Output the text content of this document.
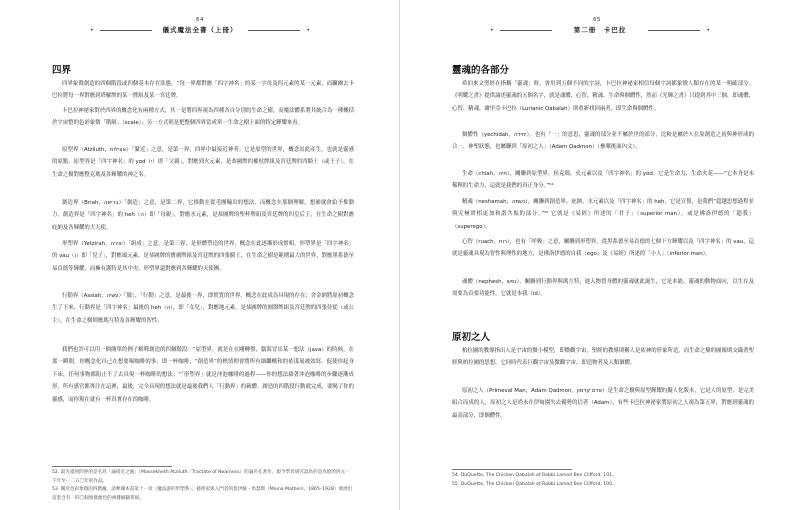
64
•	儀式魔法全書（上冊）	•
四界
四界象徵創造的四個階段或四個基本存在狀態。“每一界都對應「四字神名」的某一字母及四元素的某一元素，而臟爾去卡巴拉將每一界對應到塔羅牌的某一牌組及某一宮廷牌。
卡巴拉神祕家對於四界的概念化有兩種方式，其一是將四界視為四種各自分別的生命之樹，而魔法體系將其統合為一種概括於宇宙整的色彩象徵「階級」（scale）；另一方式則是把整個四界當成單一生命之樹上面的特定輝耀來看。
原型界（Atziluth，אצילות）「緊近」之意，是第一界，四界中最接近神者；它是原型的世界，概念出此產生，也就是靈感的原點。原型界是「四字神名」的 yod（י）即「父親」，對應到火元素，是恭圖牌的權杖牌組及宮廷牌的四騎士（或王子），在生命之樹對應整克瑪及各輝耀的神之名。
創造界（Briah，בריאה）「創造」之意，是第二界，它推動在從毛團輸出的想法，而概念在那個理解，想補就會給予推動力，創造界是「四字神名」的 heh（ה）即「母親」，對應水元素，是恭圖牌的聖杯牌組及宮廷牌的四皇后王，在生命之樹對應庇納及各輝耀的大天使。
形塑界（Yetzirah，יצירה）「組成」之意，是第三界，是形體塑造的世界，概念在此逐漸形成實相，形塑界是「四字神名」的 vau（ו）即「兒子」，對應風元素，是恭圖牌的寶劍牌組及宮廷牌的四張騎王，在生命之樹是範圍最大的世界，對應黑系德至易首德等輝耀，而擁有護特是其中央，形塑界還對應到各輝耀的天使團。
行動界（Assiah，עשיה）「做」、「行動」之意，是最後一界，即實質的世界，概念在此成為具現的存在；舍金納將原初概念生了下來，行動界是「四字神名」最後的 heh（ה），即「女兒」，對應地元素，是恭圖牌的圓盤牌組及宮廷牌的四張侍從（或公主），在生命之樹則應瑪互特及各輝耀的智性。
我們也許可以用一個簡單的例子解釋創造的四個階段：“原型界，就是在在剛轉盤，腦海冒出某一想法（java）的時候，在那一瞬間，你概念化自己在想要喝咖啡的事，即一杯咖啡；“創造界”的熱情則會將所有細繼概和的依谋展被效寫，促使你起身下床，任何事物都阻止不了去具現一杯咖啡的想法；“「形塑界」就是沖泡咖啡的過程——你的想法藉著沖泡咖啡的步驟逐漸成形，所有感官都專注在這裡，最後，完全具現的想法就是最後我們人「行動界」的載體。創造的四階段行動就完成，要喝了你的靈感，而你現在就有一杯真實存在的咖啡。
52. 最先提到四界的是名為「論接近之處」（Massekheth Atziluth／Tractate of Nearness）的論名孔著作，現今學者研究認為約是為給的西元一千年至一二五〇年的作品。
53. 關於色彩象徵的四階級，請參閱本書第十一章〈魔法游的形塑系〉。藝術家與入門者的莫伊薩・馬瑟斯（Moina Mathers，1865–1928）發展出這套含有一四〇個象徵顏色的複雜細顯系統。
65
•	第二冊　卡巴拉	•
靈魂的各部分
希伯來文聖經在指稱「靈魂」時，會用到五個不同的字詞，卡巴拉神祕家相信每個字詞都象徵人類存在的某一明確部分。《明耀之書》提供論述靈魂的五個名字，就是魂體、心智、精魂、生命與個體性，然而《光輝之書》只提到其中三個，即魂體、心智、精魂。盧里亞卡巴拉（Lurianic Qabalah）則重新找回兩者，即生命與個體性。
個體性（yechidah，יחידה）。也有「一」的意思，靈魂的部分並不屬於世的部分，比較是屬於人在原創造之初與神形成的合一、神聖狀態，也屬聯到「原初之人」（Adam Qadmon）（參閱後面內文）。
生命（chiah，חיה），關聯到原型界，侯克瑪、火元素以及「四字神名」的 yod；它是生命力、生命火花——“它本身是未稀釋的生命力，這就是我們的真正身分。”⁵⁴
精魂（neshamah，נשמה），關聯到創造界、庇納、水元素以及「四字神名」的 heh，它是宣覺，是我們“超越思想過程並與究極實相更加和諧共振的部分。”⁵⁵ 它就是《易經》所述的「君子」（superior man），或是佛洛伊德的「超我」（superego）。
心智（ruach，רוח），也有「呼吸」之意，關聯到形塑界，從黑系德至易首德的七個下方輝耀以及「四字神名」的 vau，這就是靈魂具現為智性與理性的地方，是佛洛伊德的自我（ego）及《易經》所述的「小人」（inferior man）。
魂體（nephesh，נפש），關聯到行動界與瑪互特，進入物質身體的靈魂就此誕生，它是本能、靈魂的動物面向，以生存及需要為首要功能性，它就是本我（id）。
原初之人
柏拉圖的教導指出人是宇宙的微小模型，即微觀宇宙，聖經的教導則稱人是依神的形象所造，而生命之樹的圖像則交織著聖經與柏拉圖的思想，它同時代表巨觀宇宙及微觀宇宙，即造物者及人類個體。
原初之人（Primeval Man，Adam Qadmon，אדם קדמון）是生命之樹與原型輝耀的擬人化版本，它是人的原型，是完美組合而成的人，原初之人是尚未在伊甸園失去優勢的信者（Adam），有些卡巴拉神祕家將原初之人視為第五界，對應到靈魂的最高部分，即個體性。
54. DuQuette, The Chicken Qabalah of Rabbi Lamed Ben Clifford, 101。
55. DuQuette, The Chicken Qabalah of Rabbi Lamed Ben Clifford, 100。
